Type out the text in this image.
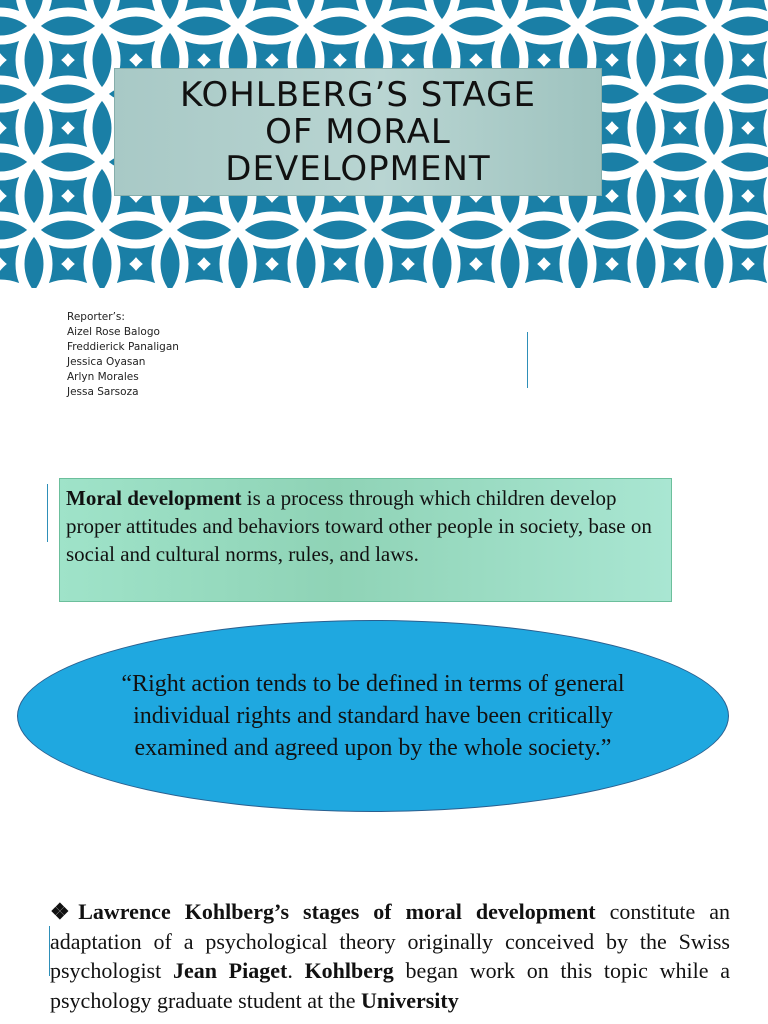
KOHLBERG’S STAGE
OF MORAL
DEVELOPMENT
Reporter’s:
Aizel Rose Balogo
Freddierick Panaligan
Jessica Oyasan
Arlyn Morales
Jessa Sarsoza
Moral development is a process through which children develop proper attitudes and behaviors toward other people in society, base on social and cultural norms, rules, and laws.
“Right action tends to be defined in terms of general individual rights and standard have been critically examined and agreed upon by the whole society.”
❖Lawrence Kohlberg’s stages of moral development constitute an adaptation of a psychological theory originally conceived by the Swiss psychologist Jean Piaget. Kohlberg began work on this topic while a psychology graduate student at the University
